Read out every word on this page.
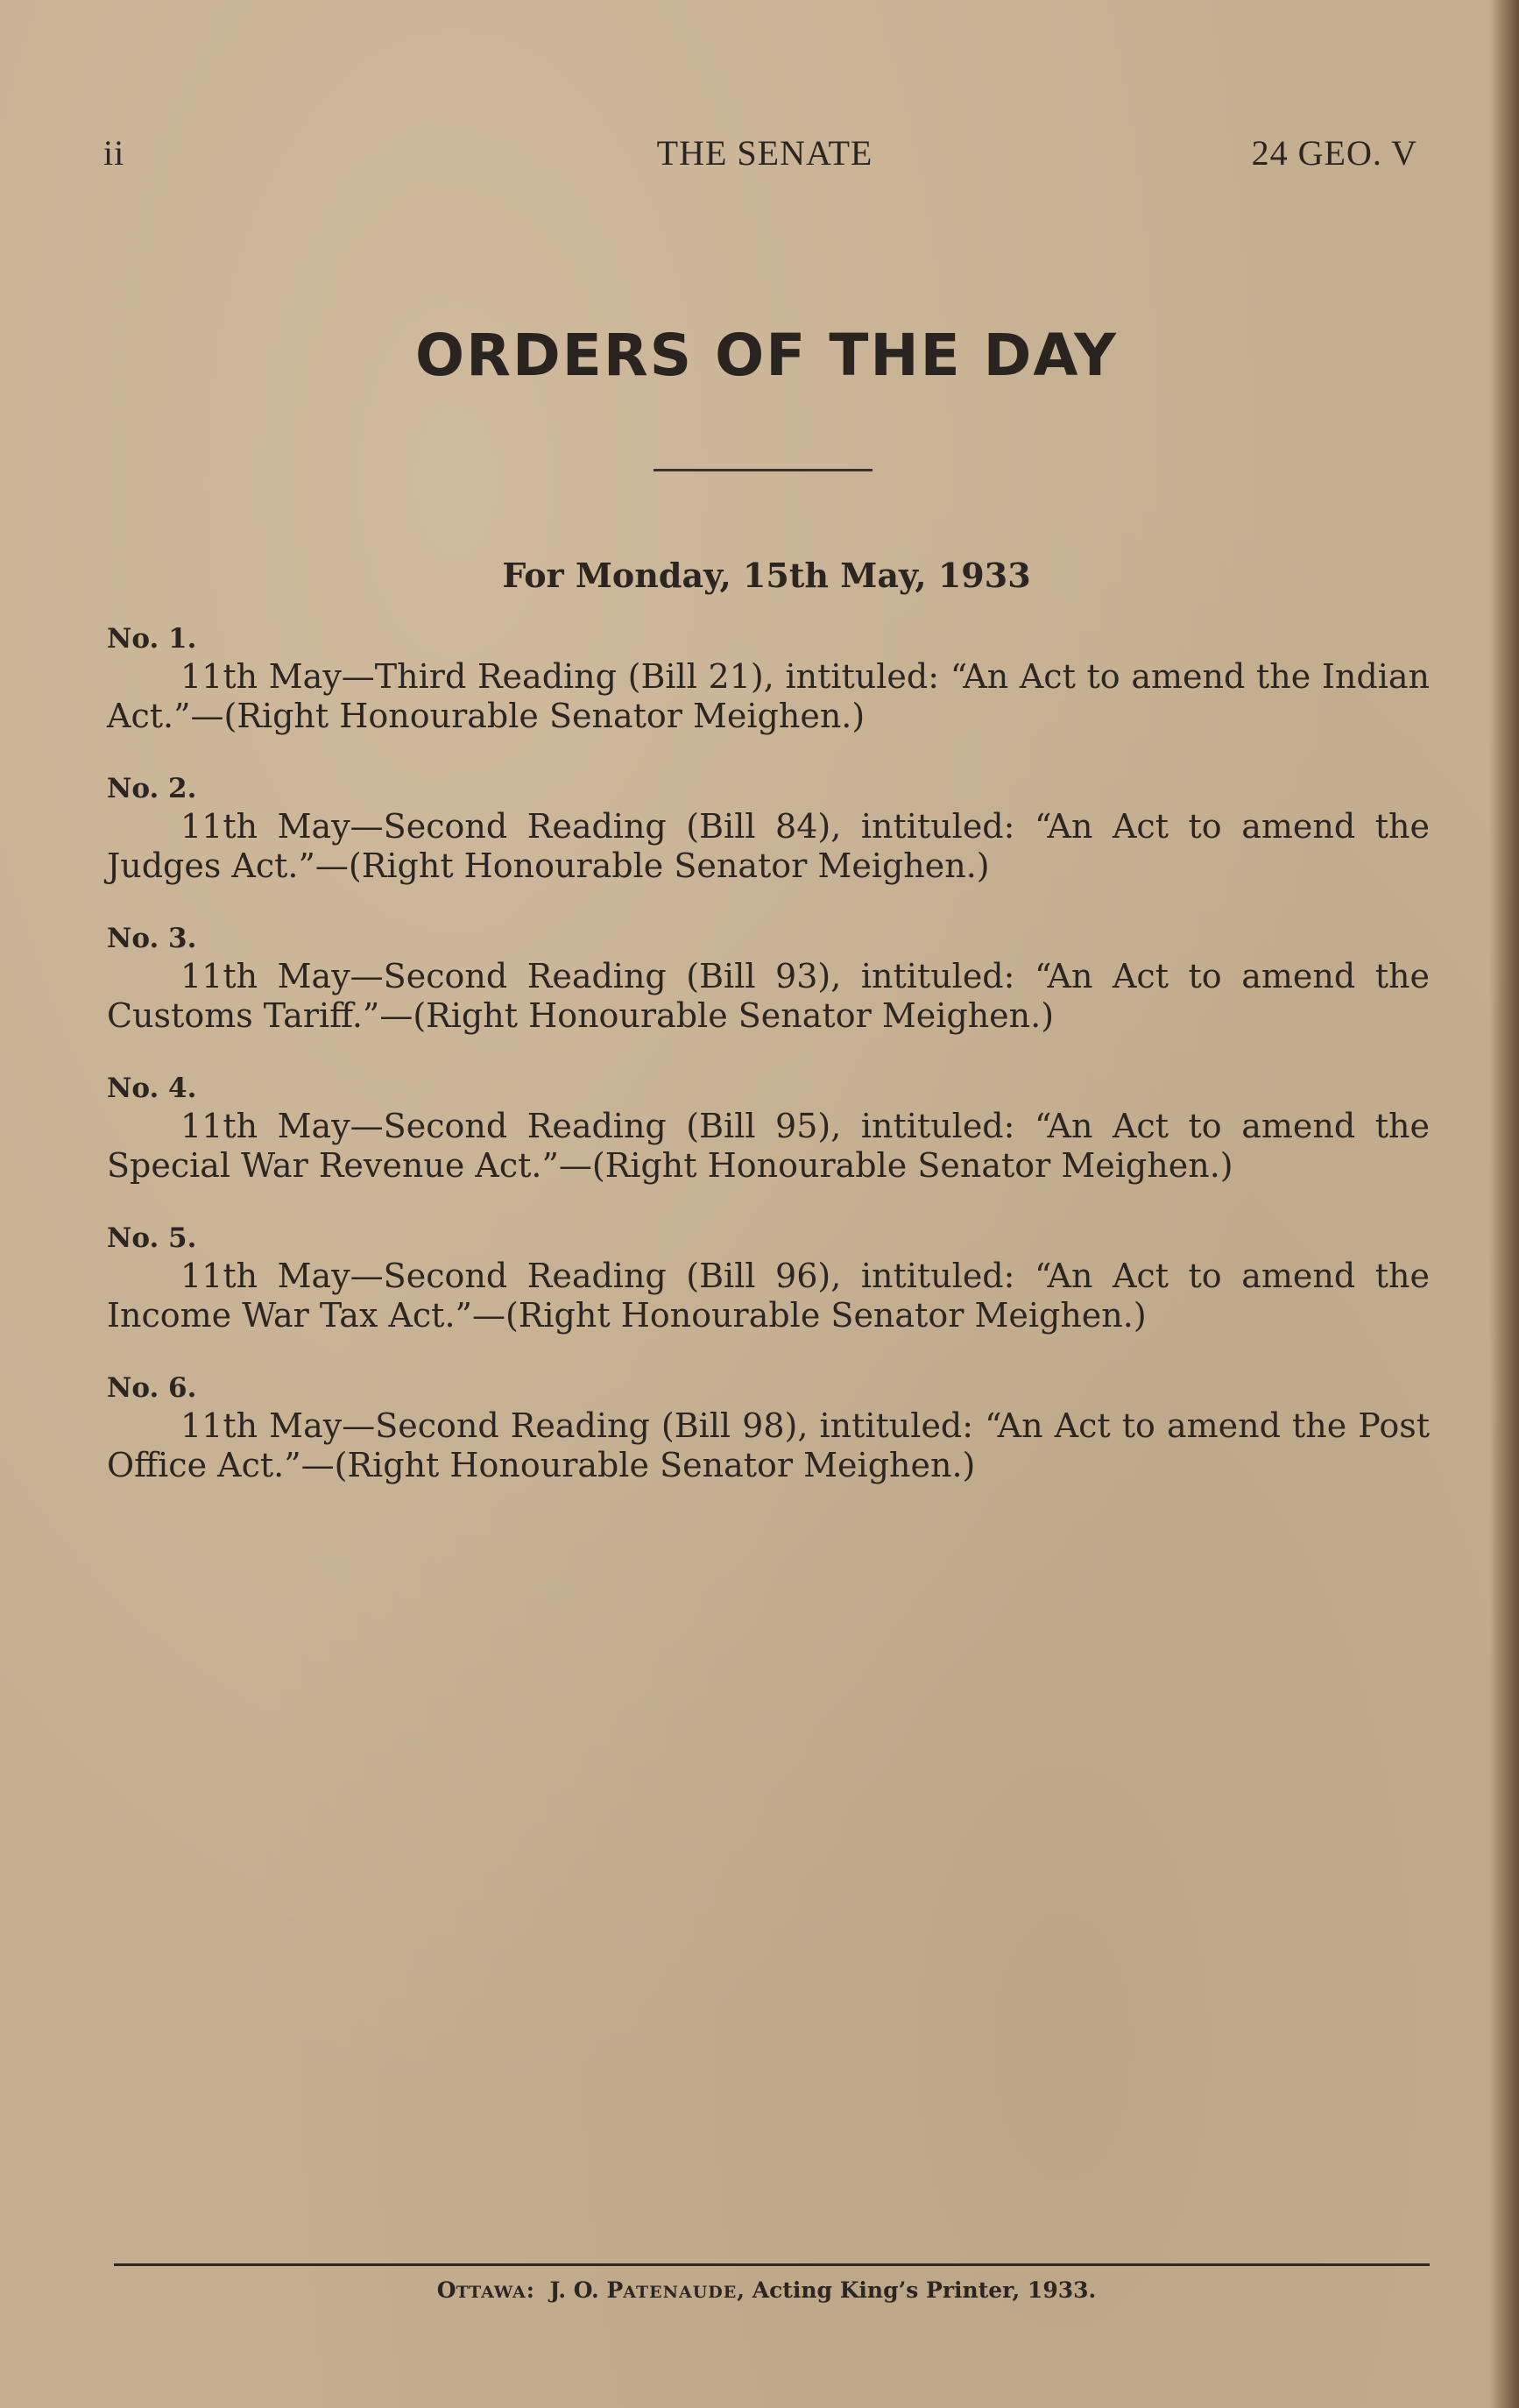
ii	THE SENATE	24 GEO. V
ORDERS OF THE DAY
For Monday, 15th May, 1933
No. 1.

11th May—Third Reading (Bill 21), intituled: “An Act to amend the Indian Act.”—(Right Honourable Senator Meighen.)

No. 2.

11th May—Second Reading (Bill 84), intituled: “An Act to amend the Judges Act.”—(Right Honourable Senator Meighen.)

No. 3.

11th May—Second Reading (Bill 93), intituled: “An Act to amend the Customs Tariff.”—(Right Honourable Senator Meighen.)

No. 4.

11th May—Second Reading (Bill 95), intituled: “An Act to amend the Special War Revenue Act.”—(Right Honourable Senator Meighen.)

No. 5.

11th May—Second Reading (Bill 96), intituled: “An Act to amend the Income War Tax Act.”—(Right Honourable Senator Meighen.)

No. 6.

11th May—Second Reading (Bill 98), intituled: “An Act to amend the Post Office Act.”—(Right Honourable Senator Meighen.)

OTTAWA: J. O. PATENAUDE, Acting King’s Printer, 1933.
